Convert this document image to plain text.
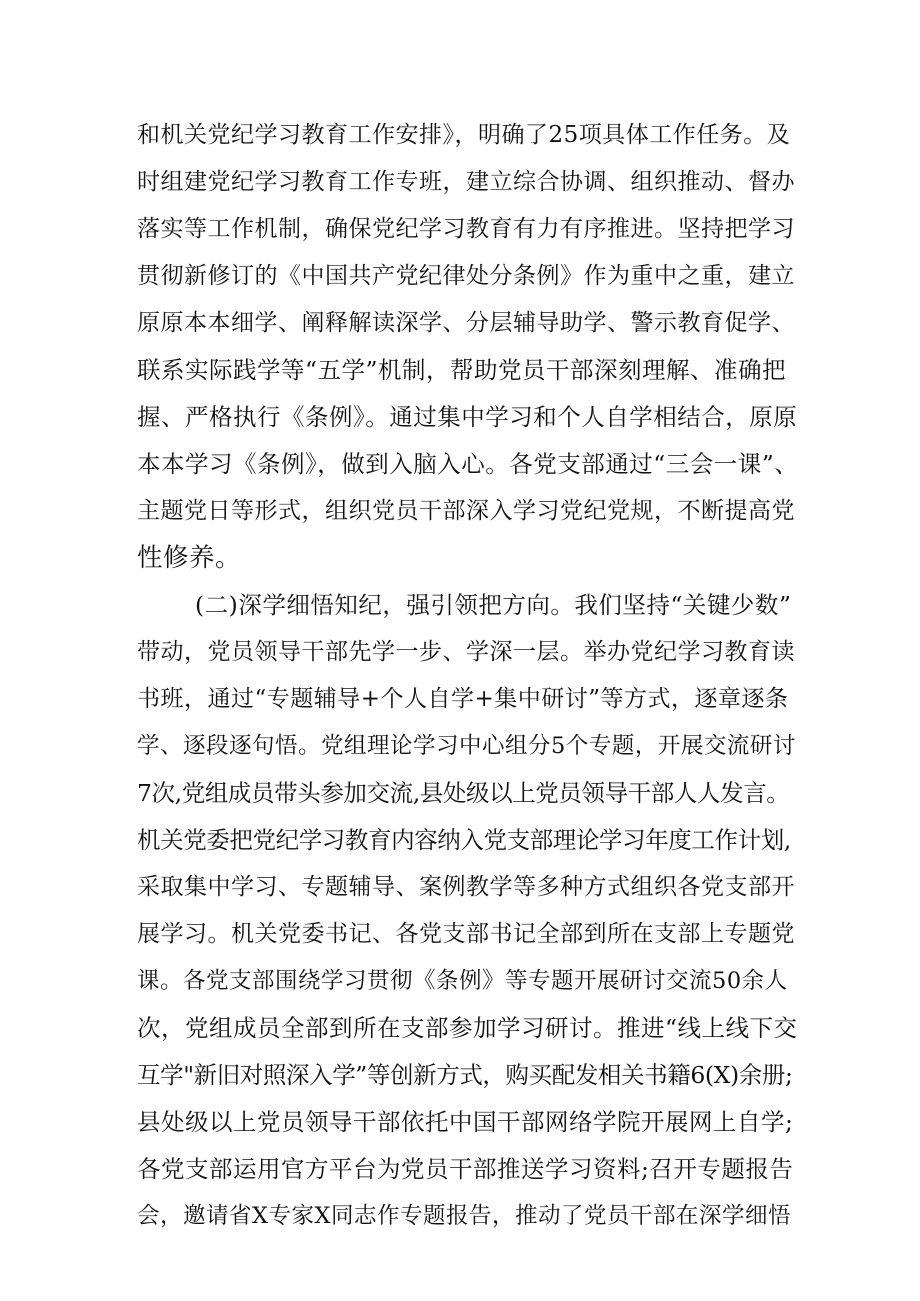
和机关党纪学习教育工作安排》，明确了25项具体工作任务。及
时组建党纪学习教育工作专班，建立综合协调、组织推动、督办
落实等工作机制，确保党纪学习教育有力有序推进。坚持把学习
贯彻新修订的《中国共产党纪律处分条例》作为重中之重，建立
原原本本细学、阐释解读深学、分层辅导助学、警示教育促学、
联系实际践学等“五学”机制，帮助党员干部深刻理解、准确把
握、严格执行《条例》。通过集中学习和个人自学相结合，原原
本本学习《条例》，做到入脑入心。各党支部通过“三会一课”、
主题党日等形式，组织党员干部深入学习党纪党规，不断提高党
性修养。
(二)深学细悟知纪，强引领把方向。我们坚持“关键少数”
带动，党员领导干部先学一步、学深一层。举办党纪学习教育读
书班，通过“专题辅导+个人自学+集中研讨”等方式，逐章逐条
学、逐段逐句悟。党组理论学习中心组分5个专题，开展交流研讨
7次,党组成员带头参加交流,县处级以上党员领导干部人人发言。
机关党委把党纪学习教育内容纳入党支部理论学习年度工作计划,
采取集中学习、专题辅导、案例教学等多种方式组织各党支部开
展学习。机关党委书记、各党支部书记全部到所在支部上专题党
课。各党支部围绕学习贯彻《条例》等专题开展研讨交流50余人
次，党组成员全部到所在支部参加学习研讨。推进“线上线下交
互学"新旧对照深入学”等创新方式，购买配发相关书籍6(X)余册;
县处级以上党员领导干部依托中国干部网络学院开展网上自学;
各党支部运用官方平台为党员干部推送学习资料;召开专题报告
会，邀请省X专家X同志作专题报告，推动了党员干部在深学细悟
